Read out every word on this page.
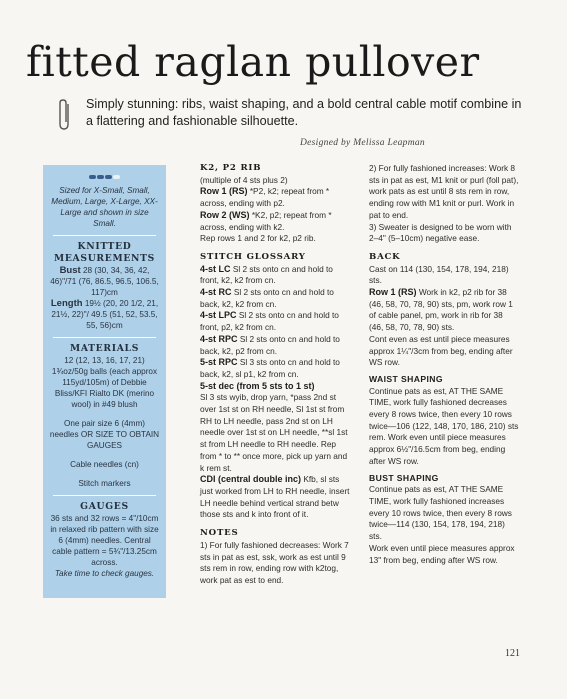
fitted raglan pullover
Simply stunning: ribs, waist shaping, and a bold central cable motif combine in a flattering and fashionable silhouette.
Designed by Melissa Leapman
Sized for X-Small, Small, Medium, Large, X-Large, XX-Large and shown in size Small.
KNITTED MEASUREMENTS
Bust 28 (30, 34, 36, 42, 46)"/71 (76, 86.5, 96.5, 106.5, 117)cm
Length 19½ (20, 20 1/2, 21, 21½, 22)"/ 49.5 (51, 52, 53.5, 55, 56)cm
MATERIALS
12 (12, 13, 16, 17, 21) 1¾oz/50g balls (each approx 115yd/105m) of Debbie Bliss/KFI Rialto DK (merino wool) in #49 blush
One pair size 6 (4mm) needles OR SIZE TO OBTAIN GAUGES
Cable needles (cn)
Stitch markers
GAUGES
36 sts and 32 rows = 4"/10cm in relaxed rib pattern with size 6 (4mm) needles. Central cable pattern = 5¾"/13.25cm across.
Take time to check gauges.
K2, P2 RIB
(multiple of 4 sts plus 2)
Row 1 (RS) *P2, k2; repeat from * across, ending with p2.
Row 2 (WS) *K2, p2; repeat from * across, ending with k2.
Rep rows 1 and 2 for k2, p2 rib.
STITCH GLOSSARY
4-st LC Sl 2 sts onto cn and hold to front, k2, k2 from cn.
4-st RC Sl 2 sts onto cn and hold to back, k2, k2 from cn.
4-st LPC Sl 2 sts onto cn and hold to front, p2, k2 from cn.
4-st RPC Sl 2 sts onto cn and hold to back, k2, p2 from cn.
5-st RPC Sl 3 sts onto cn and hold to back, k2, sl p1, k2 from cn.
5-st dec (from 5 sts to 1 st)
Sl 3 sts wyib, drop yarn, *pass 2nd st over 1st st on RH needle, Sl 1st st from RH to LH needle, pass 2nd st on LH needle over 1st st on LH needle, **sl 1st st from LH needle to RH needle. Rep from * to ** once more, pick up yarn and k rem st.
CDI (central double inc) Kfb, sl sts just worked from LH to RH needle, insert LH needle behind vertical strand betw those sts and k into front of it.
NOTES
1) For fully fashioned decreases: Work 7 sts in pat as est, ssk, work as est until 9 sts rem in row, ending row with k2tog, work pat as est to end.
2) For fully fashioned increases: Work 8 sts in pat as est, M1 knit or purl (foll pat), work pats as est until 8 sts rem in row, ending row with M1 knit or purl. Work in pat to end.
3) Sweater is designed to be worn with 2–4" (5–10cm) negative ease.
BACK
Cast on 114 (130, 154, 178, 194, 218) sts.
Row 1 (RS) Work in k2, p2 rib for 38 (46, 58, 70, 78, 90) sts, pm, work row 1 of cable panel, pm, work in rib for 38 (46, 58, 70, 78, 90) sts.
Cont even as est until piece measures approx 1¼"/3cm from beg, ending after WS row.
WAIST SHAPING
Continue pats as est, AT THE SAME TIME, work fully fashioned decreases every 8 rows twice, then every 10 rows twice—106 (122, 148, 170, 186, 210) sts rem. Work even until piece measures approx 6½"/16.5cm from beg, ending after WS row.
BUST SHAPING
Continue pats as est, AT THE SAME TIME, work fully fashioned increases every 10 rows twice, then every 8 rows twice—114 (130, 154, 178, 194, 218) sts.
Work even until piece measures approx 13" from beg, ending after WS row.
121
